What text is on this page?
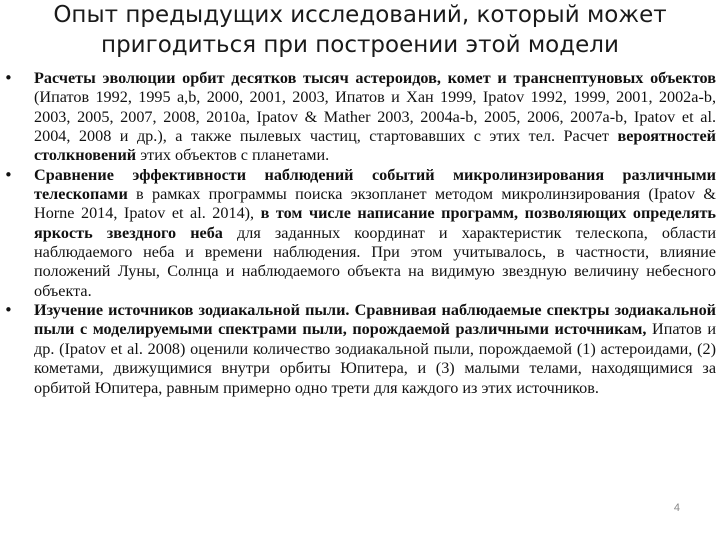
Опыт предыдущих исследований, который может
пригодиться при построении этой модели
• Расчеты эволюции орбит десятков тысяч астероидов, комет и транснептуновых объектов (Ипатов 1992, 1995 a,b, 2000, 2001, 2003, Ипатов и Хан 1999, Ipatov 1992, 1999, 2001, 2002a-b, 2003, 2005, 2007, 2008, 2010a, Ipatov & Mather 2003, 2004a-b, 2005, 2006, 2007a-b, Ipatov et al. 2004, 2008 и др.), а также пылевых частиц, стартовавших с этих тел. Расчет вероятностей столкновений этих объектов с планетами.
• Сравнение эффективности наблюдений событий микролинзирования различными телескопами в рамках программы поиска экзопланет методом микролинзирования (Ipatov & Horne 2014, Ipatov et al. 2014), в том числе написание программ, позволяющих определять яркость звездного неба для заданных координат и характеристик телескопа, области наблюдаемого неба и времени наблюдения. При этом учитывалось, в частности, влияние положений Луны, Солнца и наблюдаемого объекта на видимую звездную величину небесного объекта.
• Изучение источников зодиакальной пыли. Сравнивая наблюдаемые спектры зодиакальной пыли с моделируемыми спектрами пыли, порождаемой различными источникам, Ипатов и др. (Ipatov et al. 2008) оценили количество зодиакальной пыли, порождаемой (1) астероидами, (2) кометами, движущимися внутри орбиты Юпитера, и (3) малыми телами, находящимися за орбитой Юпитера, равным примерно одно трети для каждого из этих источников.
4
